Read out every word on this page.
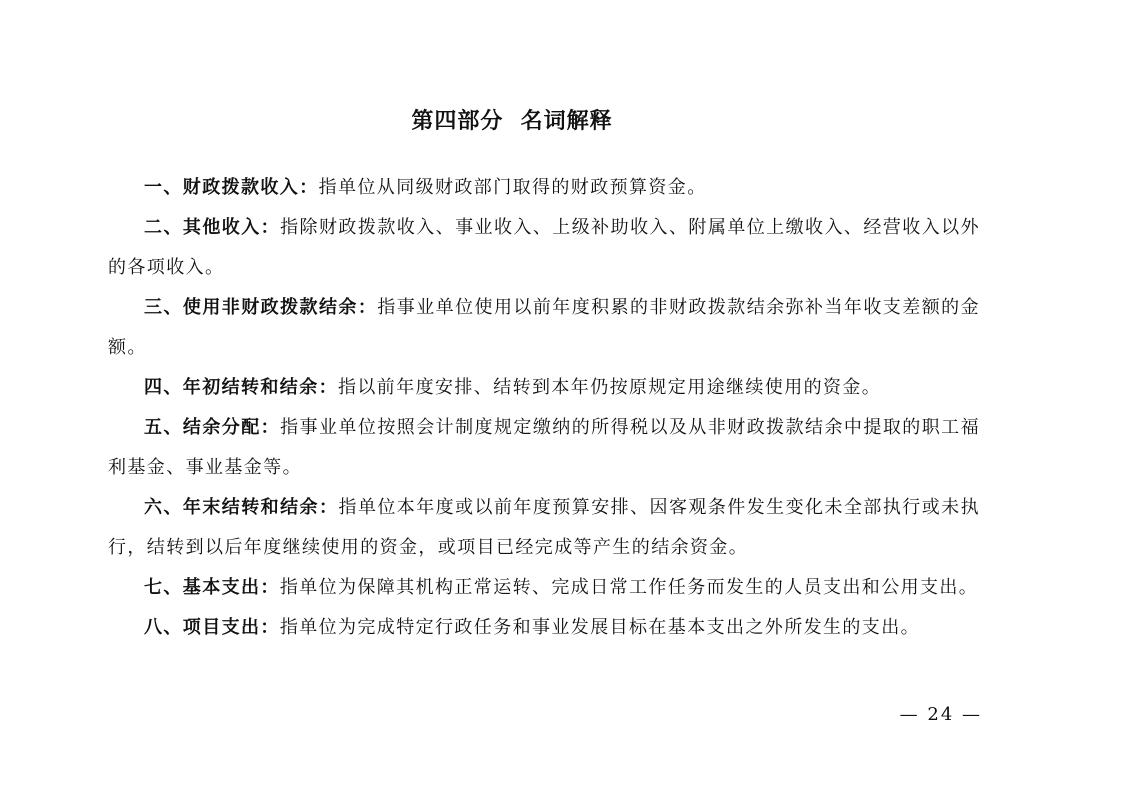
第四部分  名词解释

一、财政拨款收入：指单位从同级财政部门取得的财政预算资金。

二、其他收入：指除财政拨款收入、事业收入、上级补助收入、附属单位上缴收入、经营收入以外的各项收入。

三、使用非财政拨款结余：指事业单位使用以前年度积累的非财政拨款结余弥补当年收支差额的金额。

四、年初结转和结余：指以前年度安排、结转到本年仍按原规定用途继续使用的资金。

五、结余分配：指事业单位按照会计制度规定缴纳的所得税以及从非财政拨款结余中提取的职工福利基金、事业基金等。

六、年末结转和结余：指单位本年度或以前年度预算安排、因客观条件发生变化未全部执行或未执行，结转到以后年度继续使用的资金，或项目已经完成等产生的结余资金。

七、基本支出：指单位为保障其机构正常运转、完成日常工作任务而发生的人员支出和公用支出。

八、项目支出：指单位为完成特定行政任务和事业发展目标在基本支出之外所发生的支出。

— 24 —
